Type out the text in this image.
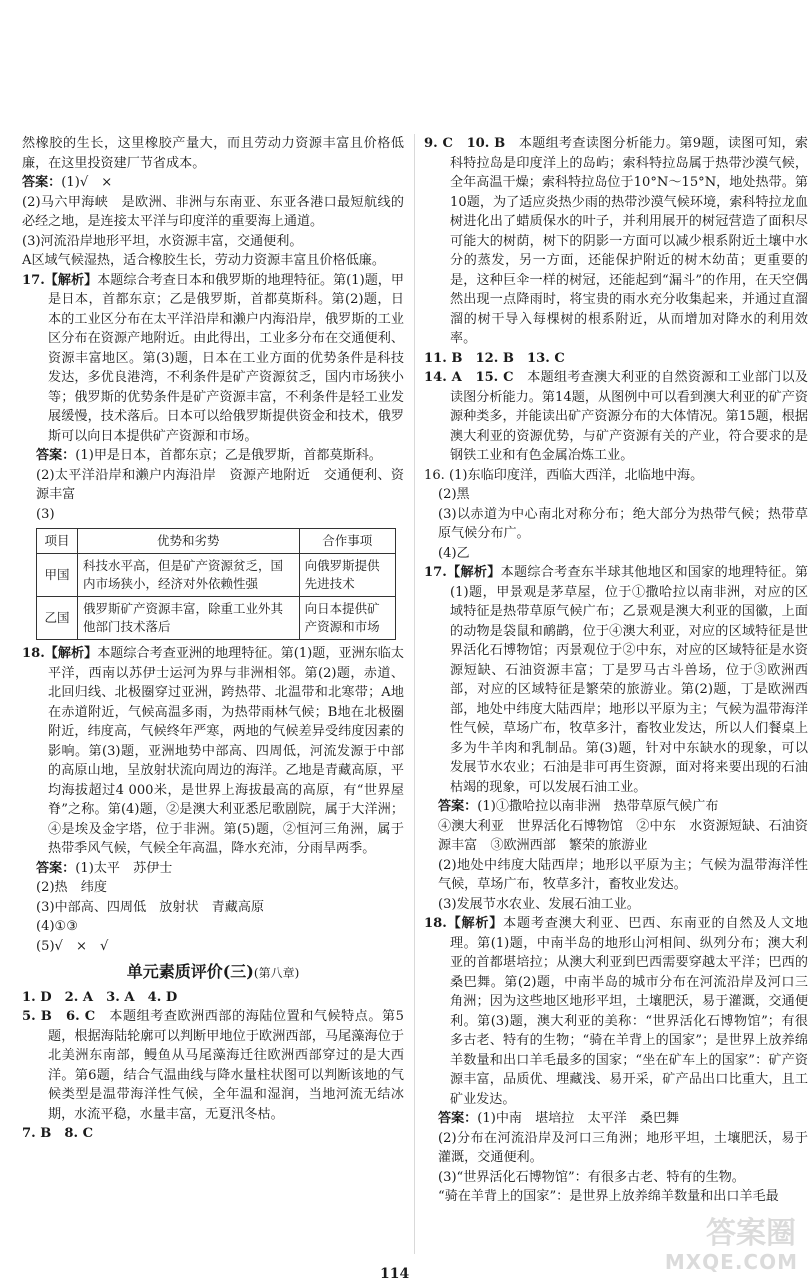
然橡胶的生长，这里橡胶产量大，而且劳动力资源丰富且价格低廉，在这里投资建厂节省成本。

答案：(1)√　×

(2)马六甲海峡　是欧洲、非洲与东南亚、东亚各港口最短航线的必经之地，是连接太平洋与印度洋的重要海上通道。

(3)河流沿岸地形平坦，水资源丰富，交通便利。

A区域气候湿热，适合橡胶生长，劳动力资源丰富且价格低廉。

17.【解析】本题综合考查日本和俄罗斯的地理特征。第(1)题，甲是日本，首都东京；乙是俄罗斯，首都莫斯科。第(2)题，日本的工业区分布在太平洋沿岸和濑户内海沿岸，俄罗斯的工业区分布在资源产地附近。由此得出，工业多分布在交通便利、资源丰富地区。第(3)题，日本在工业方面的优势条件是科技发达，多优良港湾，不利条件是矿产资源贫乏，国内市场狭小等；俄罗斯的优势条件是矿产资源丰富，不利条件是轻工业发展缓慢，技术落后。日本可以给俄罗斯提供资金和技术，俄罗斯可以向日本提供矿产资源和市场。

答案：(1)甲是日本，首都东京；乙是俄罗斯，首都莫斯科。

(2)太平洋沿岸和濑户内海沿岸　资源产地附近　交通便利、资源丰富

(3)

项目	优势和劣势	合作事项
甲国	科技水平高，但是矿产资源贫乏，国内市场狭小，经济对外依赖性强	向俄罗斯提供先进技术
乙国	俄罗斯矿产资源丰富，除重工业外其他部门技术落后	向日本提供矿产资源和市场

18.【解析】本题综合考查亚洲的地理特征。第(1)题，亚洲东临太平洋，西南以苏伊士运河为界与非洲相邻。第(2)题，赤道、北回归线、北极圈穿过亚洲，跨热带、北温带和北寒带；A地在赤道附近，气候高温多雨，为热带雨林气候；B地在北极圈附近，纬度高，气候终年严寒，两地的气候差异受纬度因素的影响。第(3)题，亚洲地势中部高、四周低，河流发源于中部的高原山地，呈放射状流向周边的海洋。乙地是青藏高原，平均海拔超过4 000米，是世界上海拔最高的高原，有“世界屋脊”之称。第(4)题，②是澳大利亚悉尼歌剧院，属于大洋洲；④是埃及金字塔，位于非洲。第(5)题，②恒河三角洲，属于热带季风气候，气候全年高温，降水充沛，分雨旱两季。

答案：(1)太平　苏伊士

(2)热　纬度

(3)中部高、四周低　放射状　青藏高原

(4)①③

(5)√　×　√

单元素质评价(三)(第八章)

1. D　2. A　3. A　4. D

5. B　6. C　 本题组考查欧洲西部的海陆位置和气候特点。第5题，根据海陆轮廓可以判断甲地位于欧洲西部，马尾藻海位于北美洲东南部，鳗鱼从马尾藻海迁往欧洲西部穿过的是大西洋。第6题，结合气温曲线与降水量柱状图可以判断该地的气候类型是温带海洋性气候，全年温和湿润，当地河流无结冰期，水流平稳，水量丰富，无夏汛冬枯。

7. B　8. C

9. C　10. B　 本题组考查读图分析能力。第9题，读图可知，索科特拉岛是印度洋上的岛屿；索科特拉岛属于热带沙漠气候，全年高温干燥；索科特拉岛位于10°N～15°N，地处热带。第10题，为了适应炎热少雨的热带沙漠气候环境，索科特拉龙血树进化出了蜡质保水的叶子，并利用展开的树冠营造了面积尽可能大的树荫，树下的阴影一方面可以减少根系附近土壤中水分的蒸发，另一方面，还能保护附近的树木幼苗；更重要的是，这种巨伞一样的树冠，还能起到“漏斗”的作用，在天空偶然出现一点降雨时，将宝贵的雨水充分收集起来，并通过直溜溜的树干导入每棵树的根系附近，从而增加对降水的利用效率。

11. B　12. B　13. C

14. A　15. C　 本题组考查澳大利亚的自然资源和工业部门以及读图分析能力。第14题，从图例中可以看到澳大利亚的矿产资源种类多，并能读出矿产资源分布的大体情况。第15题，根据澳大利亚的资源优势，与矿产资源有关的产业，符合要求的是钢铁工业和有色金属冶炼工业。

16. (1)东临印度洋，西临大西洋，北临地中海。

(2)黑

(3)以赤道为中心南北对称分布；绝大部分为热带气候；热带草原气候分布广。

(4)乙

17.【解析】本题综合考查东半球其他地区和国家的地理特征。第(1)题，甲景观是茅草屋，位于①撒哈拉以南非洲，对应的区域特征是热带草原气候广布；乙景观是澳大利亚的国徽，上面的动物是袋鼠和鸸鹋，位于④澳大利亚，对应的区域特征是世界活化石博物馆；丙景观位于②中东，对应的区域特征是水资源短缺、石油资源丰富；丁是罗马古斗兽场，位于③欧洲西部，对应的区域特征是繁荣的旅游业。第(2)题，丁是欧洲西部，地处中纬度大陆西岸；地形以平原为主；气候为温带海洋性气候，草场广布，牧草多汁，畜牧业发达，所以人们餐桌上多为牛羊肉和乳制品。第(3)题，针对中东缺水的现象，可以发展节水农业；石油是非可再生资源，面对将来要出现的石油枯竭的现象，可以发展石油工业。

答案：(1)①撒哈拉以南非洲　热带草原气候广布

④澳大利亚　世界活化石博物馆　②中东　水资源短缺、石油资源丰富　③欧洲西部　繁荣的旅游业

(2)地处中纬度大陆西岸；地形以平原为主；气候为温带海洋性气候，草场广布，牧草多汁，畜牧业发达。

(3)发展节水农业、发展石油工业。

18.【解析】本题考查澳大利亚、巴西、东南亚的自然及人文地理。第(1)题，中南半岛的地形山河相间、纵列分布；澳大利亚的首都堪培拉；从澳大利亚到巴西需要穿越太平洋；巴西的桑巴舞。第(2)题，中南半岛的城市分布在河流沿岸及河口三角洲；因为这些地区地形平坦，土壤肥沃，易于灌溉，交通便利。第(3)题，澳大利亚的美称：“世界活化石博物馆”；有很多古老、特有的生物；“骑在羊背上的国家”；是世界上放养绵羊数量和出口羊毛最多的国家；“坐在矿车上的国家”：矿产资源丰富，品质优、埋藏浅、易开采，矿产品出口比重大，且工矿业发达。

答案：(1)中南　堪培拉　太平洋　桑巴舞

(2)分布在河流沿岸及河口三角洲；地形平坦，土壤肥沃，易于灌溉，交通便利。

(3)“世界活化石博物馆”：有很多古老、特有的生物。

“骑在羊背上的国家”：是世界上放养绵羊数量和出口羊毛最

114
答案圈
MXQE.COM
